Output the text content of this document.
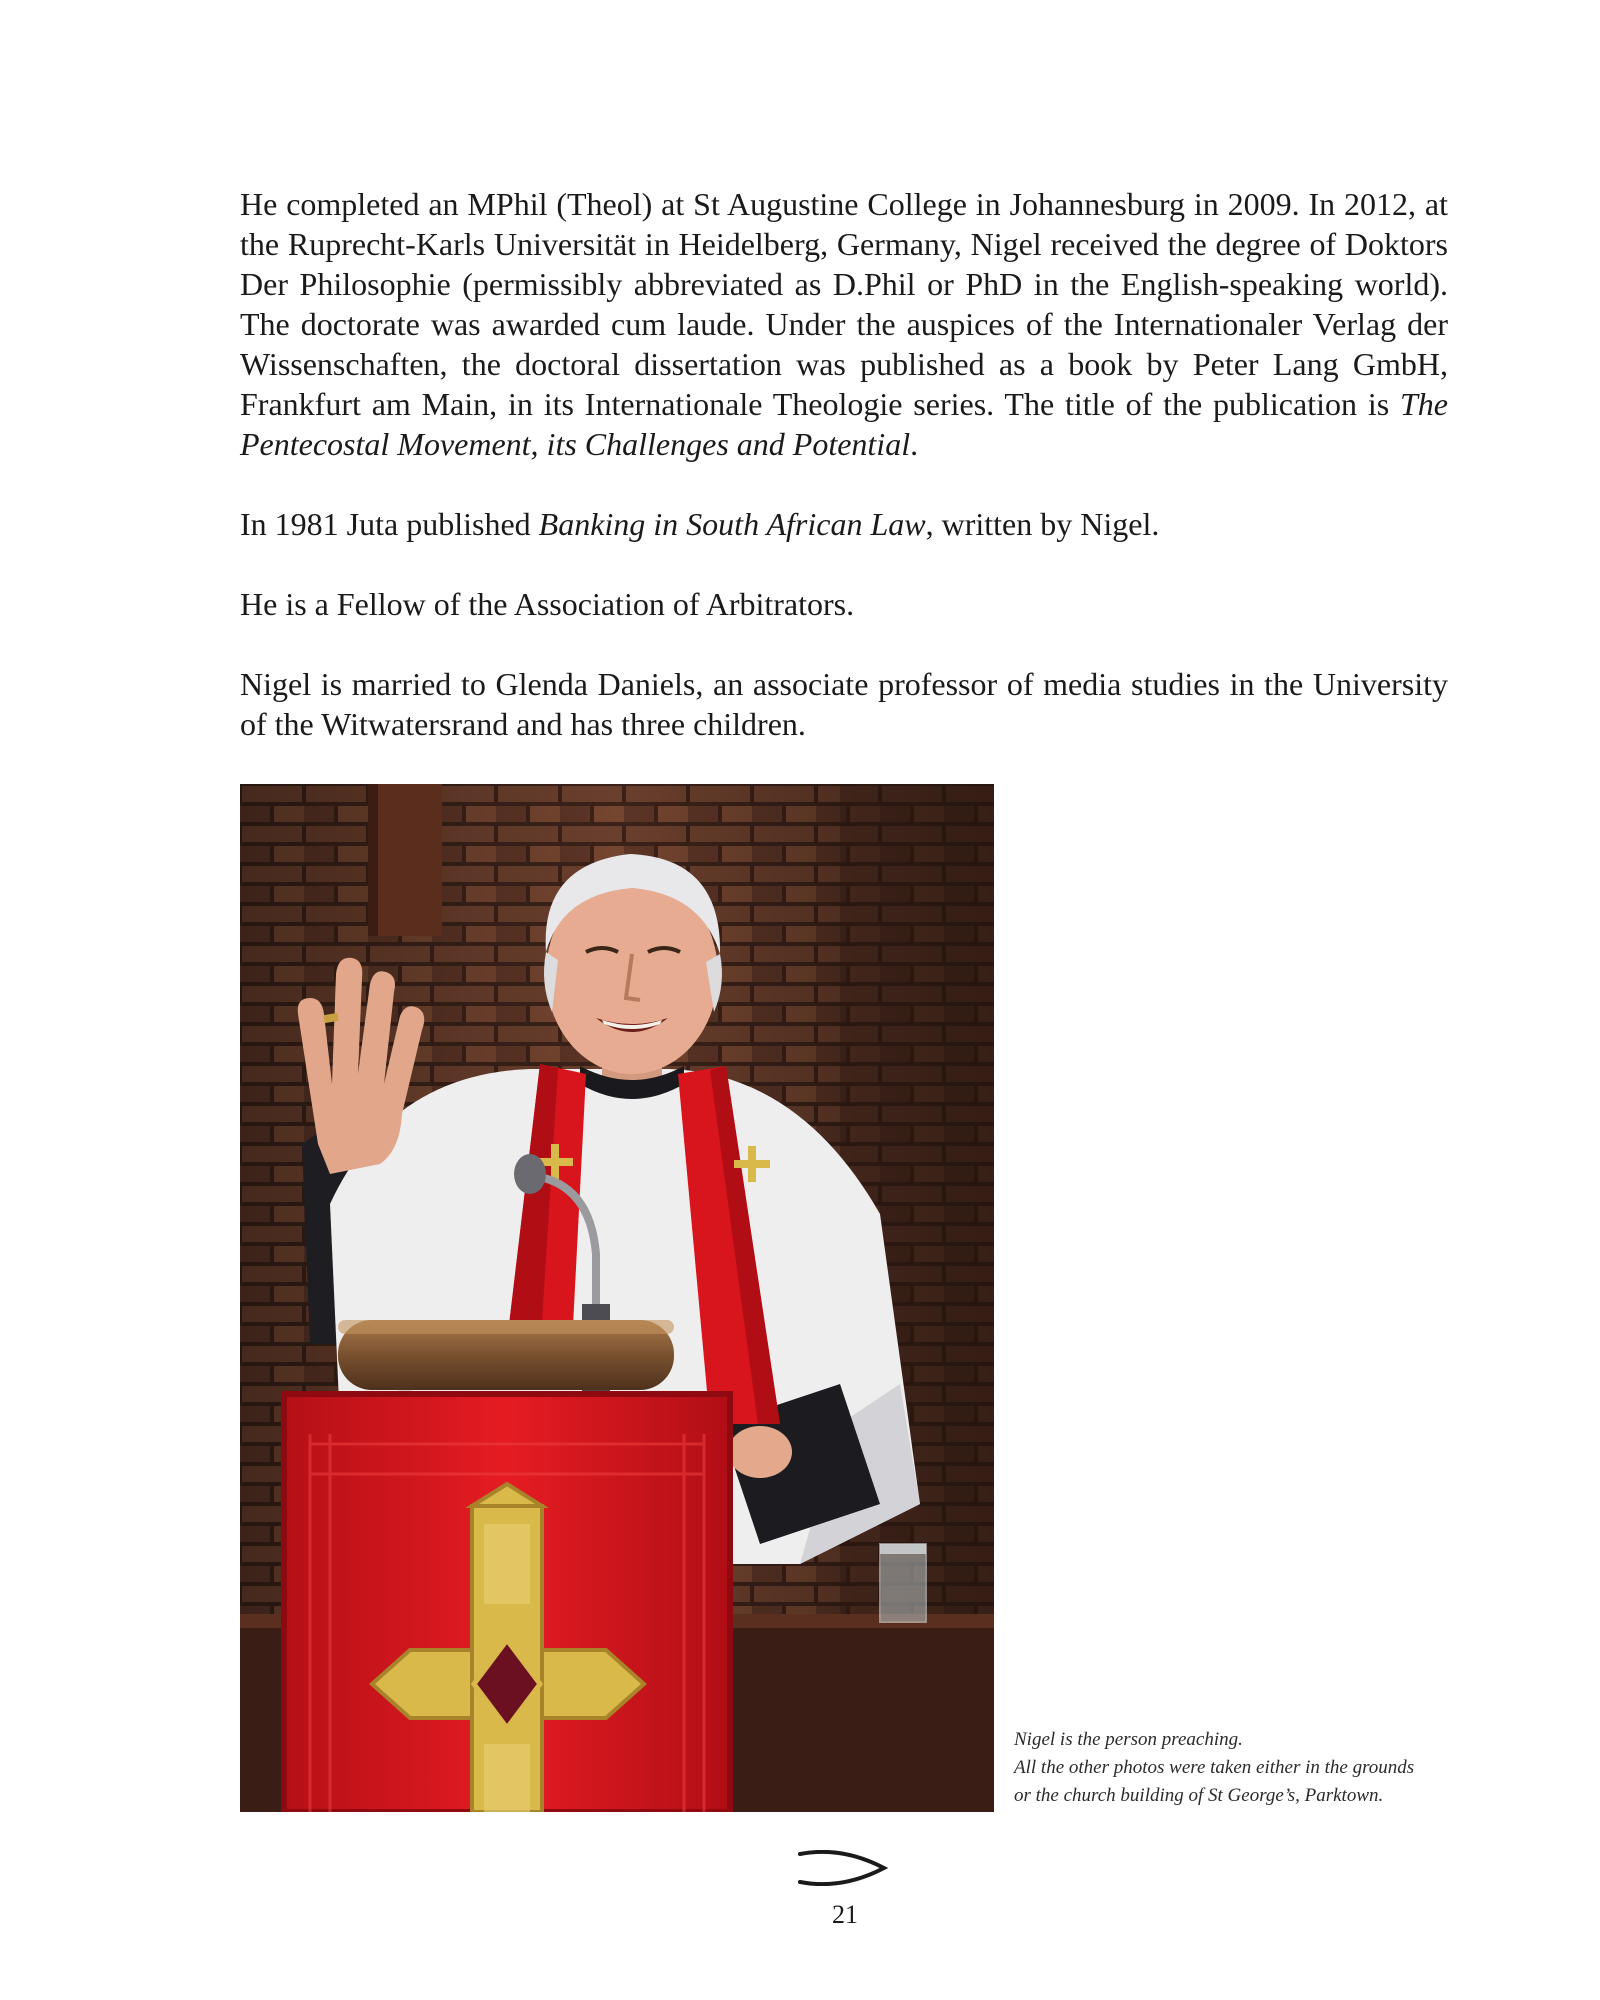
He completed an MPhil (Theol) at St Augustine College in Johannesburg in 2009. In 2012, at the Ruprecht-Karls Universität in Heidelberg, Germany, Nigel received the degree of Doktors Der Philosophie (permissibly abbreviated as D.Phil or PhD in the English-speaking world). The doctorate was awarded cum laude. Under the auspices of the Internationaler Verlag der Wissenschaften, the doctoral dissertation was published as a book by Peter Lang GmbH, Frankfurt am Main, in its Internationale Theologie series. The title of the publication is The Pentecostal Movement, its Challenges and Potential.

In 1981 Juta published Banking in South African Law, written by Nigel.

He is a Fellow of the Association of Arbitrators.

Nigel is married to Glenda Daniels, an associate professor of media studies in the University of the Witwatersrand and has three children.

Nigel is the person preaching.
All the other photos were taken either in the grounds
or the church building of St George’s, Parktown.
21
